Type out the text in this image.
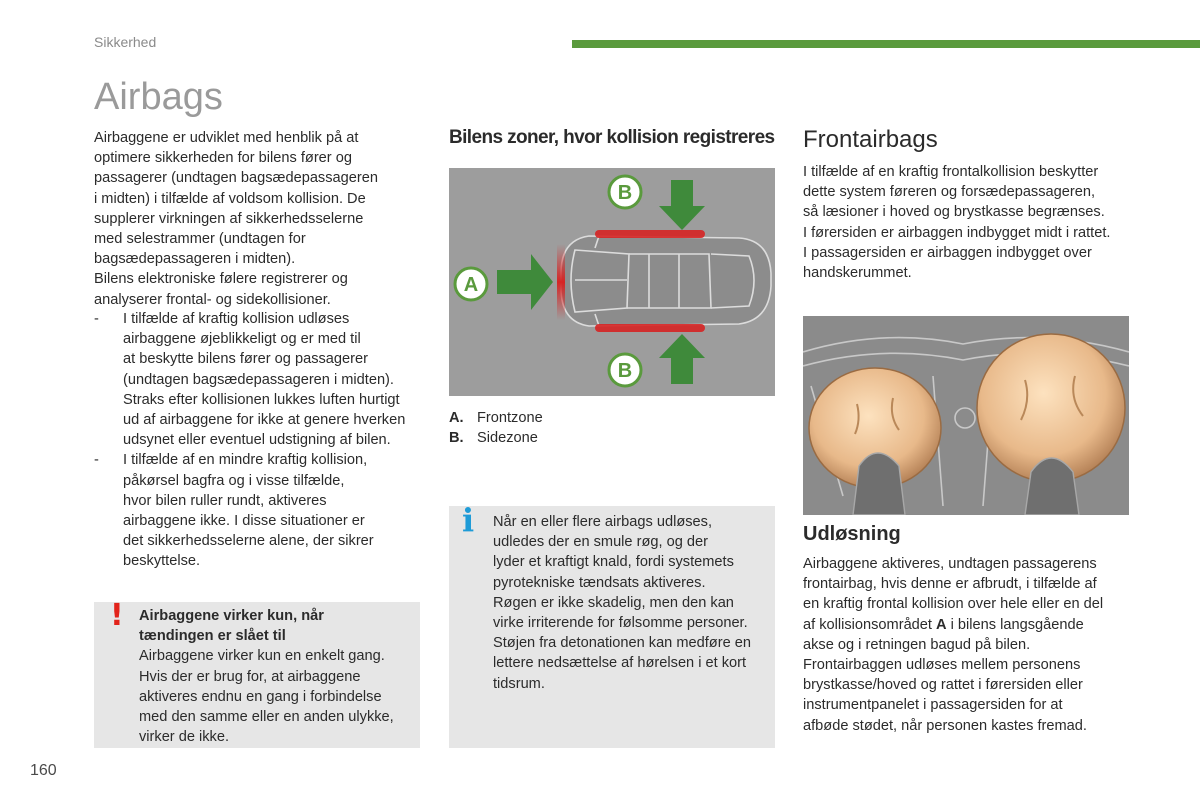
Sikkerhed
Airbags

Airbaggene er udviklet med henblik på at

optimere sikkerheden for bilens fører og

passagerer (undtagen bagsædepassageren

i midten) i tilfælde af voldsom kollision. De

supplerer virkningen af sikkerhedsselerne

med selestrammer (undtagen for

bagsædepassageren i midten).

Bilens elektroniske følere registrerer og

analyserer frontal- og sidekollisioner.

- I tilfælde af kraftig kollision udløses

airbaggene øjeblikkeligt og er med til

at beskytte bilens fører og passagerer

(undtagen bagsædepassageren i midten).

Straks efter kollisionen lukkes luften hurtigt

ud af airbaggene for ikke at genere hverken

udsynet eller eventuel udstigning af bilen.

- I tilfælde af en mindre kraftig kollision,

påkørsel bagfra og i visse tilfælde,

hvor bilen ruller rundt, aktiveres

airbaggene ikke. I disse situationer er

det sikkerhedsselerne alene, der sikrer

beskyttelse.

! Airbaggene virker kun, når

tændingen er slået til

Airbaggene virker kun en enkelt gang.

Hvis der er brug for, at airbaggene

aktiveres endnu en gang i forbindelse

med den samme eller en anden ulykke,

virker de ikke.

Bilens zoner, hvor kollision registreres
A
B
B

A. Frontzone

B. Sidezone

i Når en eller flere airbags udløses,

udledes der en smule røg, og der

lyder et kraftigt knald, fordi systemets

pyrotekniske tændsats aktiveres.

Røgen er ikke skadelig, men den kan

virke irriterende for følsomme personer.

Støjen fra detonationen kan medføre en

lettere nedsættelse af hørelsen i et kort

tidsrum.

Frontairbags

I tilfælde af en kraftig frontalkollision beskytter

dette system føreren og forsædepassageren,

så læsioner i hoved og brystkasse begrænses.

I førersiden er airbaggen indbygget midt i rattet.

I passagersiden er airbaggen indbygget over

handskerummet.

Udløsning

Airbaggene aktiveres, undtagen passagerens

frontairbag, hvis denne er afbrudt, i tilfælde af

en kraftig frontal kollision over hele eller en del

af kollisionsområdet A i bilens langsgående

akse og i retningen bagud på bilen.

Frontairbaggen udløses mellem personens

brystkasse/hoved og rattet i førersiden eller

instrumentpanelet i passagersiden for at

afbøde stødet, når personen kastes fremad.

160
